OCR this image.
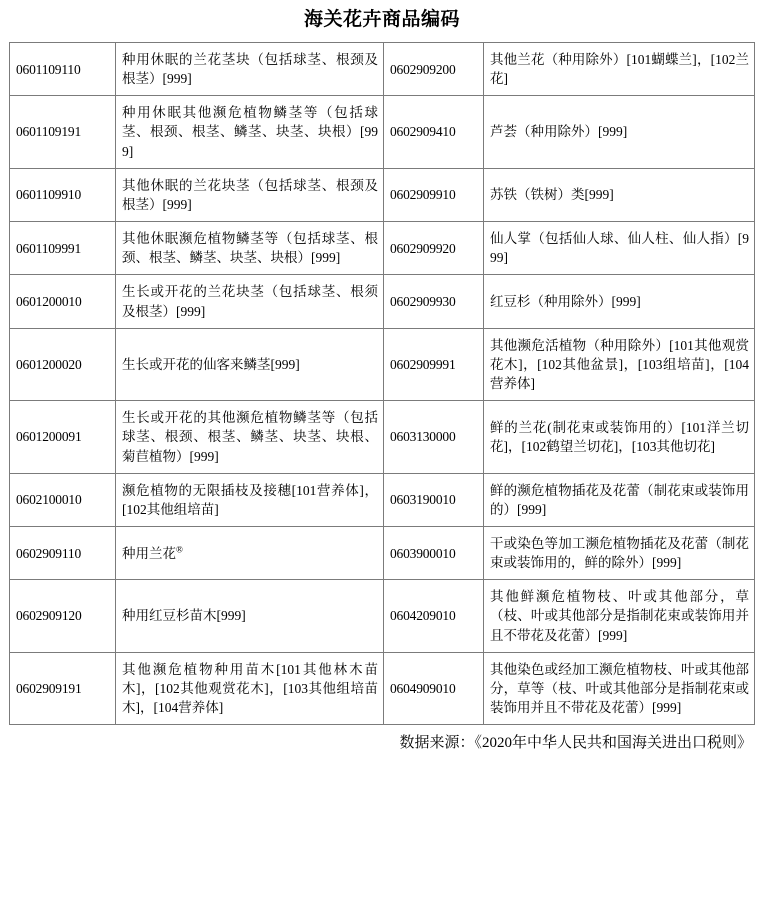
海关花卉商品编码
0601109110	种用休眠的兰花茎块（包括球茎、根颈及根茎）[999]	0602909200	其他兰花（种用除外）[101蝴蝶兰]，[102兰花]
0601109191	种用休眠其他濒危植物鳞茎等（包括球茎、根颈、根茎、鳞茎、块茎、块根）[999]	0602909410	芦荟（种用除外）[999]
0601109910	其他休眠的兰花块茎（包括球茎、根颈及根茎）[999]	0602909910	苏铁（铁树）类[999]
0601109991	其他休眠濒危植物鳞茎等（包括球茎、根颈、根茎、鳞茎、块茎、块根）[999]	0602909920	仙人掌（包括仙人球、仙人柱、仙人指）[999]
0601200010	生长或开花的兰花块茎（包括球茎、根须及根茎）[999]	0602909930	红豆杉（种用除外）[999]
0601200020	生长或开花的仙客来鳞茎[999]	0602909991	其他濒危活植物（种用除外）[101其他观赏花木]，[102其他盆景]，[103组培苗]，[104营养体]
0601200091	生长或开花的其他濒危植物鳞茎等（包括球茎、根颈、根茎、鳞茎、块茎、块根、菊苣植物）[999]	0603130000	鲜的兰花(制花束或装饰用的）[101洋兰切花]，[102鹤望兰切花]，[103其他切花]
0602100010	濒危植物的无限插枝及接穗[101营养体]，[102其他组培苗]	0603190010	鲜的濒危植物插花及花蕾（制花束或装饰用的）[999]
0602909110	种用兰花®	0603900010	干或染色等加工濒危植物插花及花蕾（制花束或装饰用的，鲜的除外）[999]
0602909120	种用红豆杉苗木[999]	0604209010	其他鲜濒危植物枝、叶或其他部分，草（枝、叶或其他部分是指制花束或装饰用并且不带花及花蕾）[999]
0602909191	其他濒危植物种用苗木[101其他林木苗木]，[102其他观赏花木]，[103其他组培苗木]，[104营养体]	0604909010	其他染色或经加工濒危植物枝、叶或其他部分，草等（枝、叶或其他部分是指制花束或装饰用并且不带花及花蕾）[999]
数据来源：《2020年中华人民共和国海关进出口税则》
